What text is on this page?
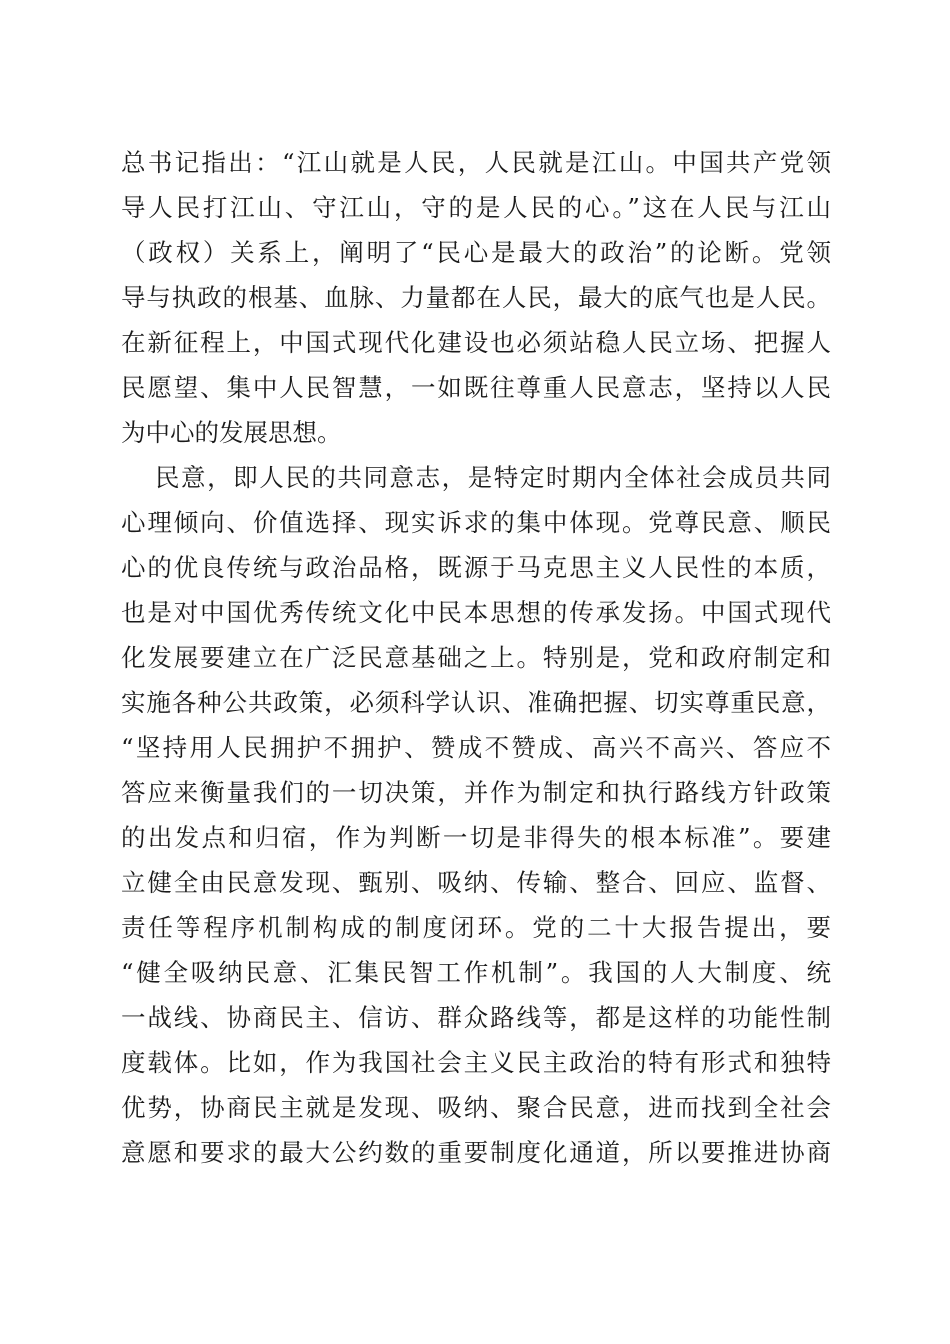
总书记指出：“江山就是人民，人民就是江山。中国共产党领
导人民打江山、守江山，守的是人民的心。”这在人民与江山
（政权）关系上，阐明了“民心是最大的政治”的论断。党领
导与执政的根基、血脉、力量都在人民，最大的底气也是人民。
在新征程上，中国式现代化建设也必须站稳人民立场、把握人
民愿望、集中人民智慧，一如既往尊重人民意志，坚持以人民
为中心的发展思想。
民意，即人民的共同意志，是特定时期内全体社会成员共同
心理倾向、价值选择、现实诉求的集中体现。党尊民意、顺民
心的优良传统与政治品格，既源于马克思主义人民性的本质，
也是对中国优秀传统文化中民本思想的传承发扬。中国式现代
化发展要建立在广泛民意基础之上。特别是，党和政府制定和
实施各种公共政策，必须科学认识、准确把握、切实尊重民意，
“坚持用人民拥护不拥护、赞成不赞成、高兴不高兴、答应不
答应来衡量我们的一切决策，并作为制定和执行路线方针政策
的出发点和归宿，作为判断一切是非得失的根本标准”。要建
立健全由民意发现、甄别、吸纳、传输、整合、回应、监督、
责任等程序机制构成的制度闭环。党的二十大报告提出，要
“健全吸纳民意、汇集民智工作机制”。我国的人大制度、统
一战线、协商民主、信访、群众路线等，都是这样的功能性制
度载体。比如，作为我国社会主义民主政治的特有形式和独特
优势，协商民主就是发现、吸纳、聚合民意，进而找到全社会
意愿和要求的最大公约数的重要制度化通道，所以要推进协商
